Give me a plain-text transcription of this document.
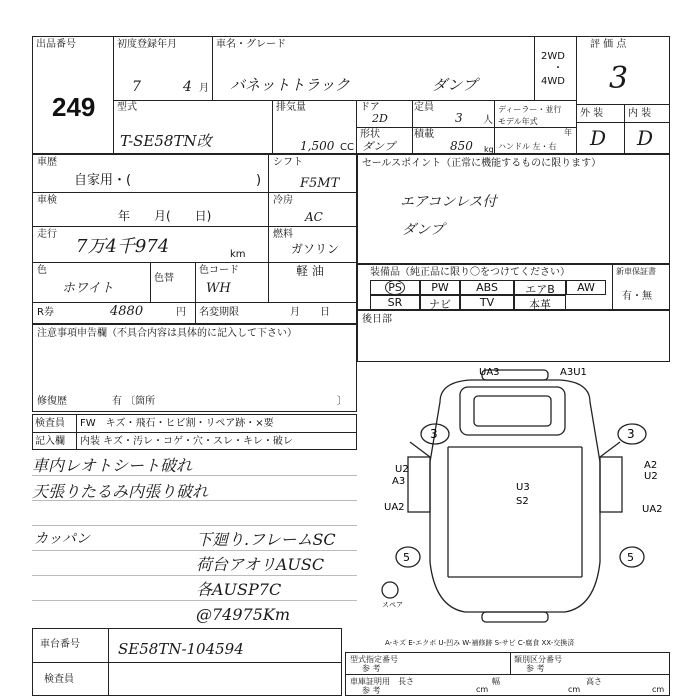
出品番号
249
初度登録年月
7	4 月
車名・グレード
バネットトラック	ダンプ
型式
T-SE58TN改
排気量
1,500 CC
ドア
2D
定員
3 人
形状
ダンプ
積載
850 kg
ディーラー・並行
モデル年式
年
ハンドル 左・右
2WD
・
4WD
評 価 点
3
外 装 内 装
D D
車歴
自家用・(	)
シフト
F5MT
車検
年　　月(　　日)
冷房
AC
走行
7万4千974	km
燃料
ガソリン
軽 油
色
ホワイト
色替
色コード
WH
R券	4880	円 名変期限	月　　日
セールスポイント（正常に機能するものに限ります）
エアコンレス付
ダンプ
装備品（純正品に限り〇をつけてください）
PS	PW	ABS	エアB	AW
SR	ナビ	TV	本革
新車保証書
有・無
後日部
注意事項申告欄（不具合内容は具体的に記入して下さい）
修復歴	有 〔箇所	〕
検査員 FW　キズ・飛石・ヒビ割・リペア跡・×要
記入欄 内装 キズ・汚レ・コゲ・穴・スレ・キレ・破レ
車内レオトシート破れ
天張りたるみ内張り破れ
カッパン	下廻り.フレームSC
荷台アオリAUSC
各AUSP7C
@74975Km
車台番号	SE58TN-104594
検査員
UA3	A3U1
3	3
U2
A3
UA2
U3
S2
A2
U2
UA2
5	5
スペア
A-キズ E-エクボ U-凹み W-補修跡 S-サビ C-腐食 XX-交換済
型式指定番号
参 考
類別区分番号
参 考
車庫証明用
参 考
長さ
cm
幅
cm
高さ
cm
